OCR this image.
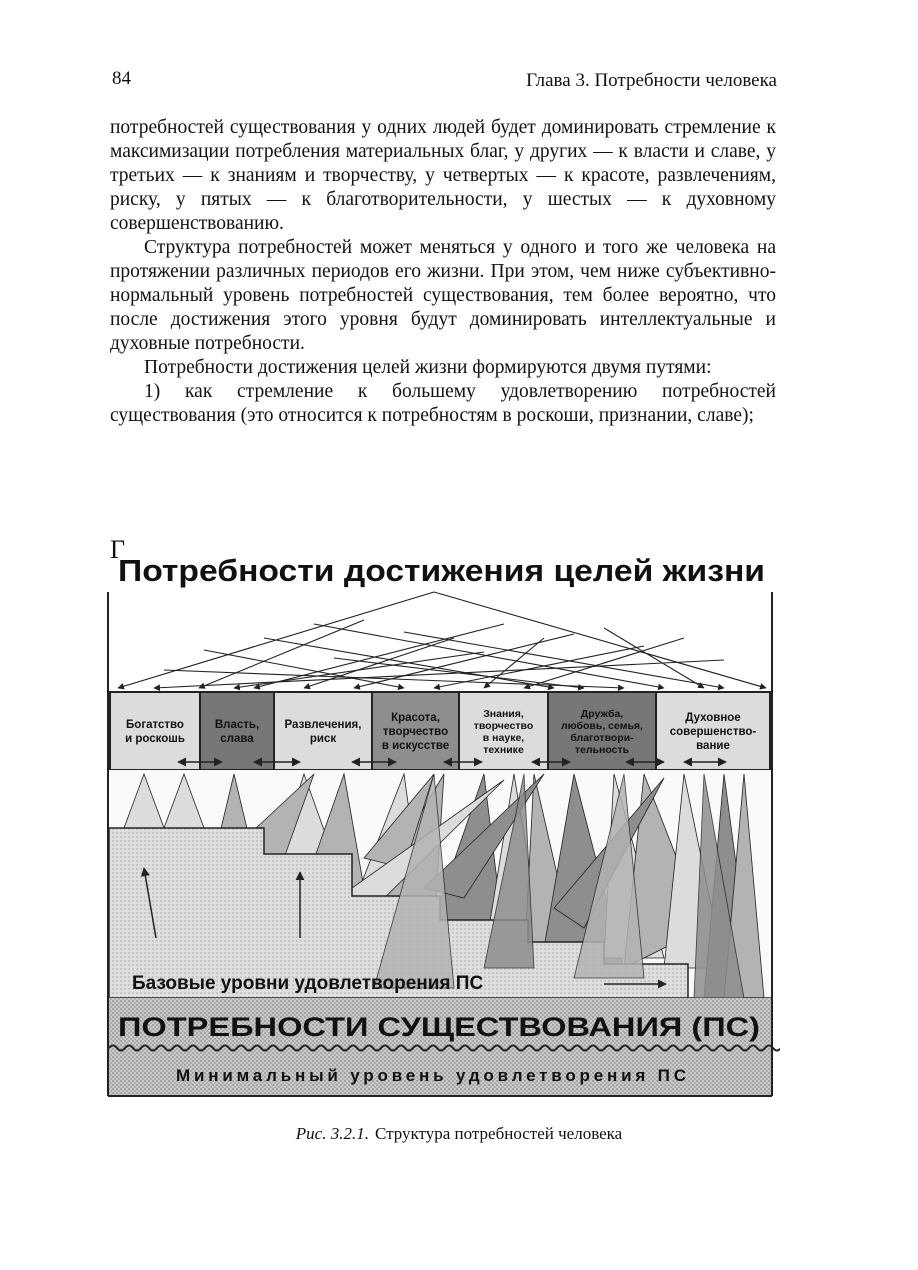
84	Глава 3. Потребности человека

потребностей существования у одних людей будет доминировать стремление к максимизации потребления материальных благ, у других — к власти и славе, у третьих — к знаниям и творчеству, у четвертых — к красоте, развлечениям, риску, у пятых — к благотворительности, у шестых — к духовному совершенствованию.

Структура потребностей может меняться у одного и того же человека на протяжении различных периодов его жизни. При этом, чем ниже субъективно-нормальный уровень потребностей существования, тем более вероятно, что после достижения этого уровня будут доминировать интеллектуальные и духовные потребности.

Потребности достижения целей жизни формируются двумя путями:

1) как стремление к большему удовлетворению потребностей существования (это относится к потребностям в роскоши, признании, славе);

Г
Потребности достижения целей жизни
Богатство
и роскошь
Власть,
слава
Развлечения,
риск
Красота,
творчество
в искусстве
Знания,
творчество
в науке,
технике
Дружба,
любовь, семья,
благотвори-
тельность
Духовное
совершенство-
вание
Базовые уровни удовлетворения ПС
ПОТРЕБНОСТИ СУЩЕСТВОВАНИЯ (ПС)
Минимальный уровень удовлетворения ПС
Рис. 3.2.1. Структура потребностей человека
